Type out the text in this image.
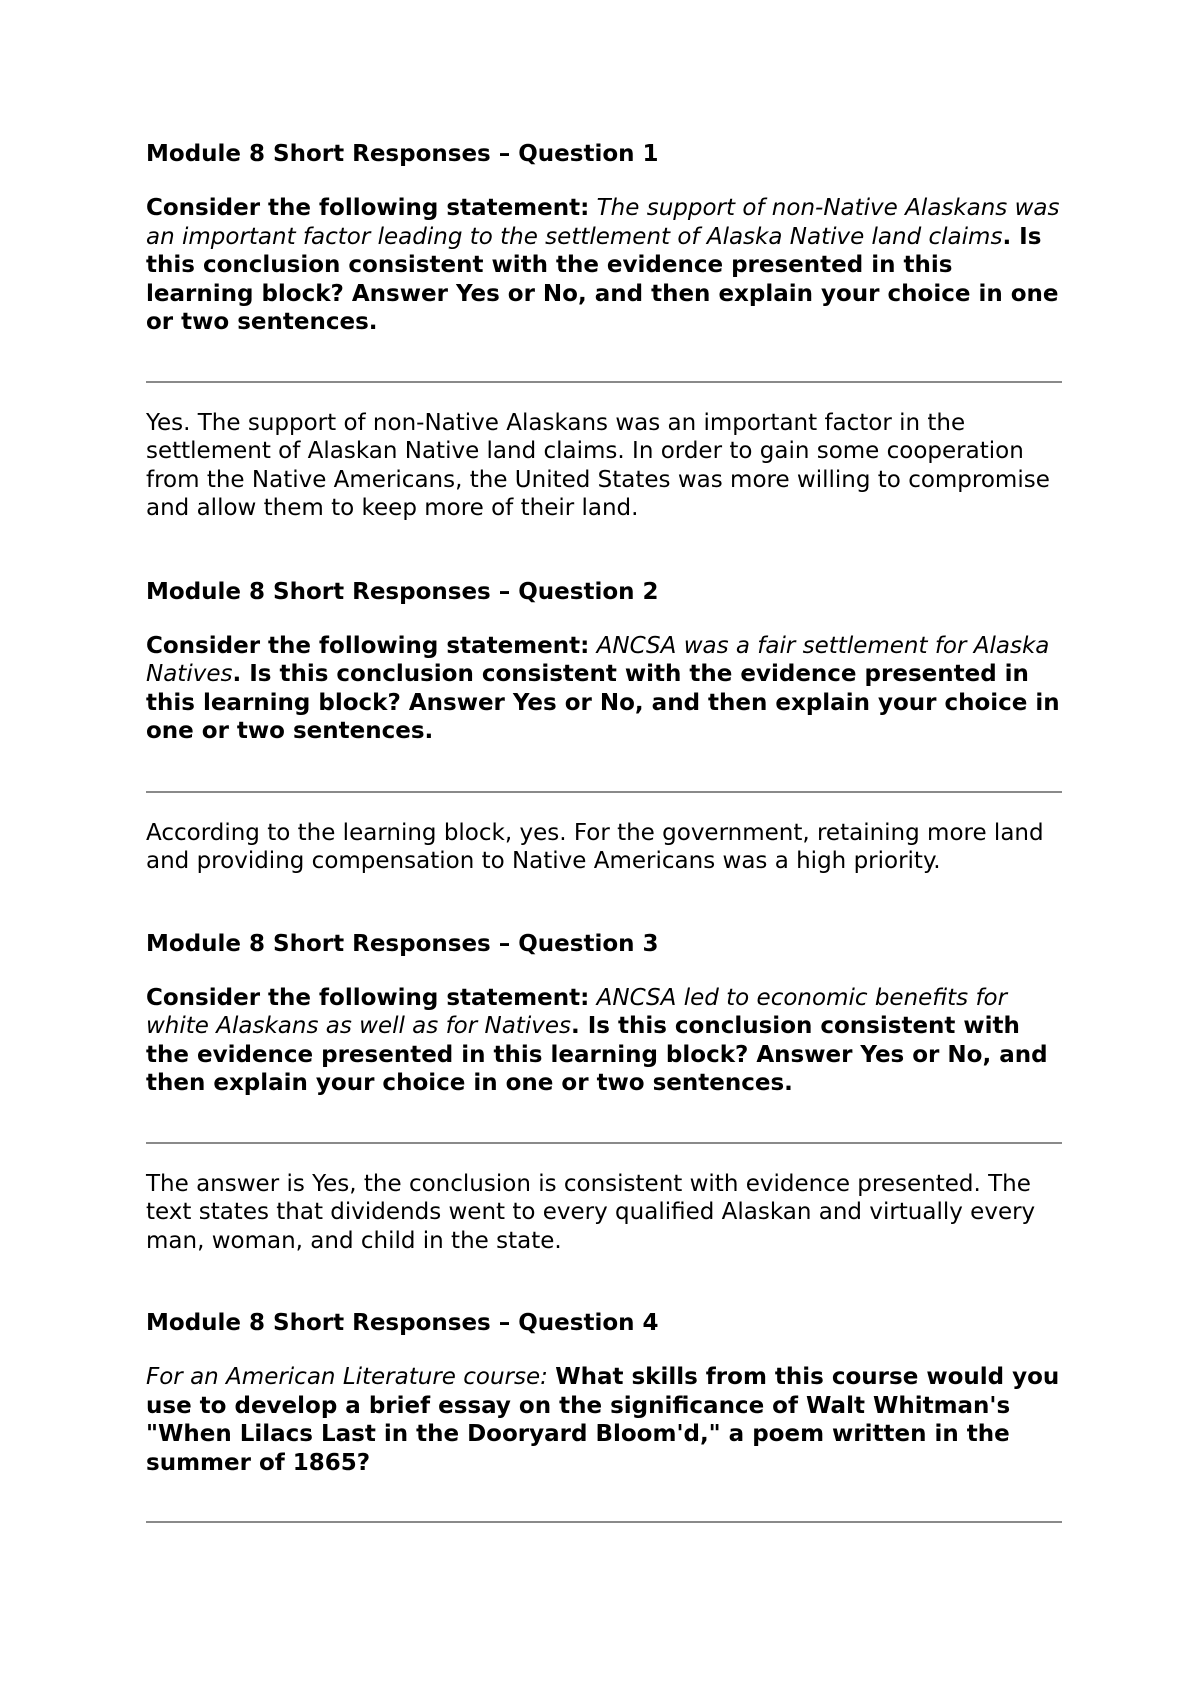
Module 8 Short Responses – Question 1

Consider the following statement: The support of non-Native Alaskans was an important factor leading to the settlement of Alaska Native land claims. Is this conclusion consistent with the evidence presented in this learning block? Answer Yes or No, and then explain your choice in one or two sentences.

Yes. The support of non-Native Alaskans was an important factor in the settlement of Alaskan Native land claims. In order to gain some cooperation from the Native Americans, the United States was more willing to compromise and allow them to keep more of their land.

Module 8 Short Responses – Question 2

Consider the following statement: ANCSA was a fair settlement for Alaska Natives. Is this conclusion consistent with the evidence presented in this learning block? Answer Yes or No, and then explain your choice in one or two sentences.

According to the learning block, yes. For the government, retaining more land and providing compensation to Native Americans was a high priority.

Module 8 Short Responses – Question 3

Consider the following statement: ANCSA led to economic benefits for white Alaskans as well as for Natives. Is this conclusion consistent with the evidence presented in this learning block? Answer Yes or No, and then explain your choice in one or two sentences.

The answer is Yes, the conclusion is consistent with evidence presented. The text states that dividends went to every qualified Alaskan and virtually every man, woman, and child in the state.

Module 8 Short Responses – Question 4

For an American Literature course: What skills from this course would you use to develop a brief essay on the significance of Walt Whitman's "When Lilacs Last in the Dooryard Bloom'd," a poem written in the summer of 1865?
